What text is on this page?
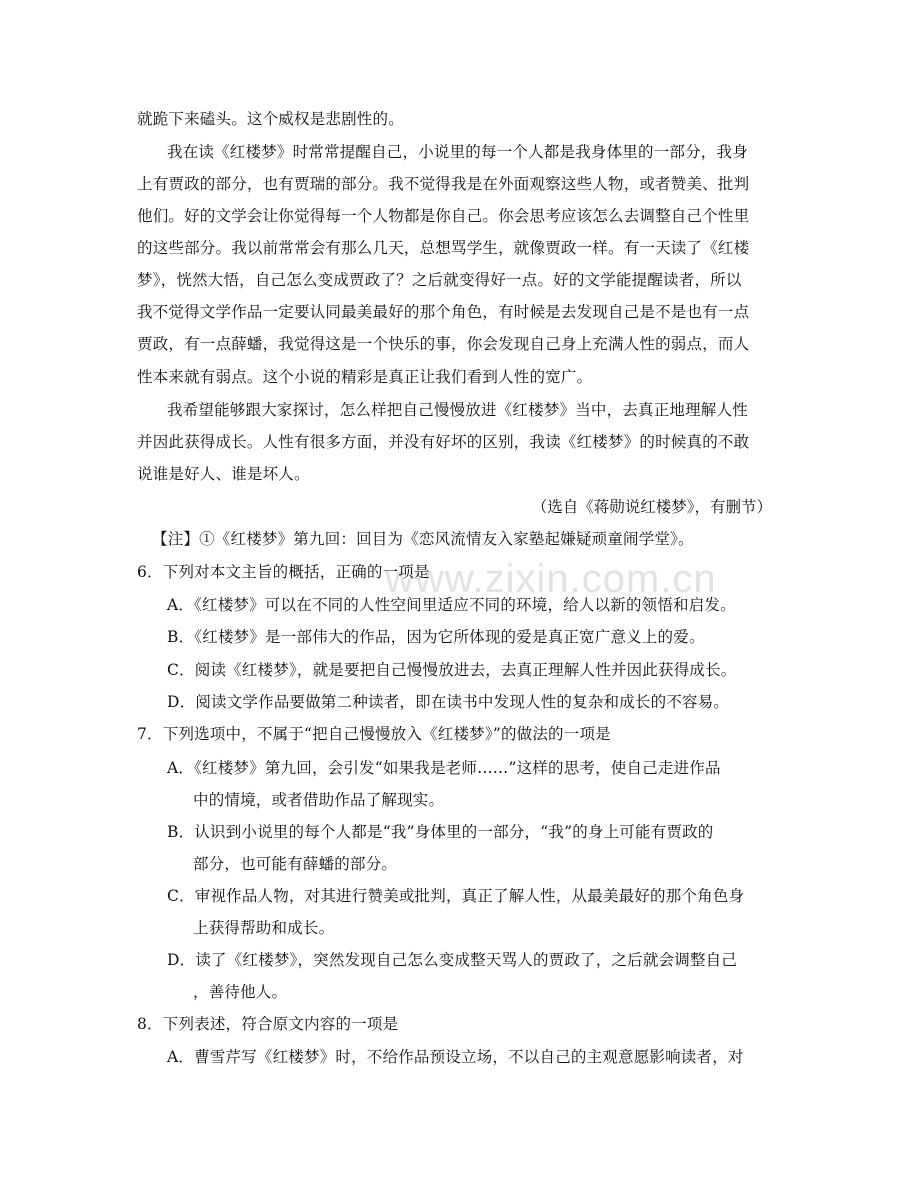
www.zixin.com.cn
就跪下来磕头。这个威权是悲剧性的。
我在读《红楼梦》时常常提醒自己，小说里的每一个人都是我身体里的一部分，我身
上有贾政的部分，也有贾瑞的部分。我不觉得我是在外面观察这些人物，或者赞美、批判
他们。好的文学会让你觉得每一个人物都是你自己。你会思考应该怎么去调整自己个性里
的这些部分。我以前常常会有那么几天，总想骂学生，就像贾政一样。有一天读了《红楼
梦》，恍然大悟，自己怎么变成贾政了？之后就变得好一点。好的文学能提醒读者，所以
我不觉得文学作品一定要认同最美最好的那个角色，有时候是去发现自己是不是也有一点
贾政，有一点薛蟠，我觉得这是一个快乐的事，你会发现自己身上充满人性的弱点，而人
性本来就有弱点。这个小说的精彩是真正让我们看到人性的宽广。
我希望能够跟大家探讨，怎么样把自己慢慢放进《红楼梦》当中，去真正地理解人性
并因此获得成长。人性有很多方面，并没有好坏的区别，我读《红楼梦》的时候真的不敢
说谁是好人、谁是坏人。
（选自《蒋勋说红楼梦》，有删节）
【注】①《红楼梦》第九回：回目为《恋风流情友入家塾起嫌疑顽童闹学堂》。
6．下列对本文主旨的概括，正确的一项是
A．《红楼梦》可以在不同的人性空间里适应不同的环境，给人以新的领悟和启发。
B．《红楼梦》是一部伟大的作品，因为它所体现的爱是真正宽广意义上的爱。
C．阅读《红楼梦》，就是要把自己慢慢放进去，去真正理解人性并因此获得成长。
D．阅读文学作品要做第二种读者，即在读书中发现人性的复杂和成长的不容易。
7．下列选项中，不属于“把自己慢慢放入《红楼梦》”的做法的一项是
A．《红楼梦》第九回，会引发“如果我是老师……”这样的思考，使自己走进作品
中的情境，或者借助作品了解现实。
B．认识到小说里的每个人都是“我”身体里的一部分，“我”的身上可能有贾政的
部分，也可能有薛蟠的部分。
C．审视作品人物，对其进行赞美或批判，真正了解人性，从最美最好的那个角色身
上获得帮助和成长。
D．读了《红楼梦》，突然发现自己怎么变成整天骂人的贾政了，之后就会调整自己
，善待他人。
8．下列表述，符合原文内容的一项是
A．曹雪芹写《红楼梦》时，不给作品预设立场，不以自己的主观意愿影响读者，对
